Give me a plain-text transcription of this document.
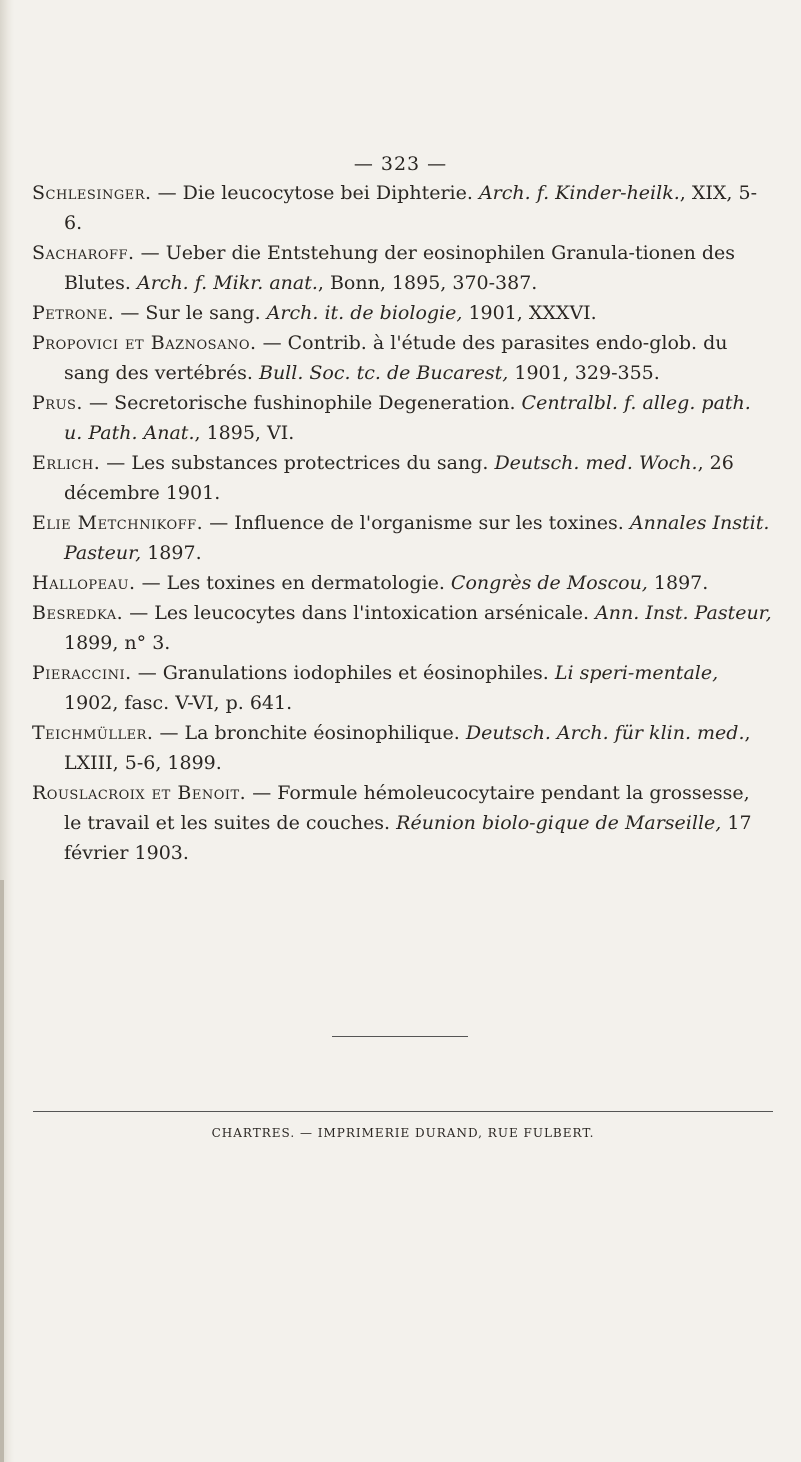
— 323 —

Schlesinger. — Die leucocytose bei Diphterie. Arch. f. Kinder-heilk., XIX, 5-6.

Sacharoff. — Ueber die Entstehung der eosinophilen Granula-tionen des Blutes. Arch. f. Mikr. anat., Bonn, 1895, 370-387.

Petrone. — Sur le sang. Arch. it. de biologie, 1901, XXXVI.

Propovici et Baznosano. — Contrib. à l'étude des parasites endo-glob. du sang des vertébrés. Bull. Soc. tc. de Bucarest, 1901, 329-355.

Prus. — Secretorische fushinophile Degeneration. Centralbl. f. alleg. path. u. Path. Anat., 1895, VI.

Erlich. — Les substances protectrices du sang. Deutsch. med. Woch., 26 décembre 1901.

Elie Metchnikoff. — Influence de l'organisme sur les toxines. Annales Instit. Pasteur, 1897.

Hallopeau. — Les toxines en dermatologie. Congrès de Moscou, 1897.

Besredka. — Les leucocytes dans l'intoxication arsénicale. Ann. Inst. Pasteur, 1899, n° 3.

Pieraccini. — Granulations iodophiles et éosinophiles. Li speri-mentale, 1902, fasc. V-VI, p. 641.

Teichmüller. — La bronchite éosinophilique. Deutsch. Arch. für klin. med., LXIII, 5-6, 1899.

Rouslacroix et Benoit. — Formule hémoleucocytaire pendant la grossesse, le travail et les suites de couches. Réunion biolo-gique de Marseille, 17 février 1903.

CHARTRES. — IMPRIMERIE DURAND, RUE FULBERT.
